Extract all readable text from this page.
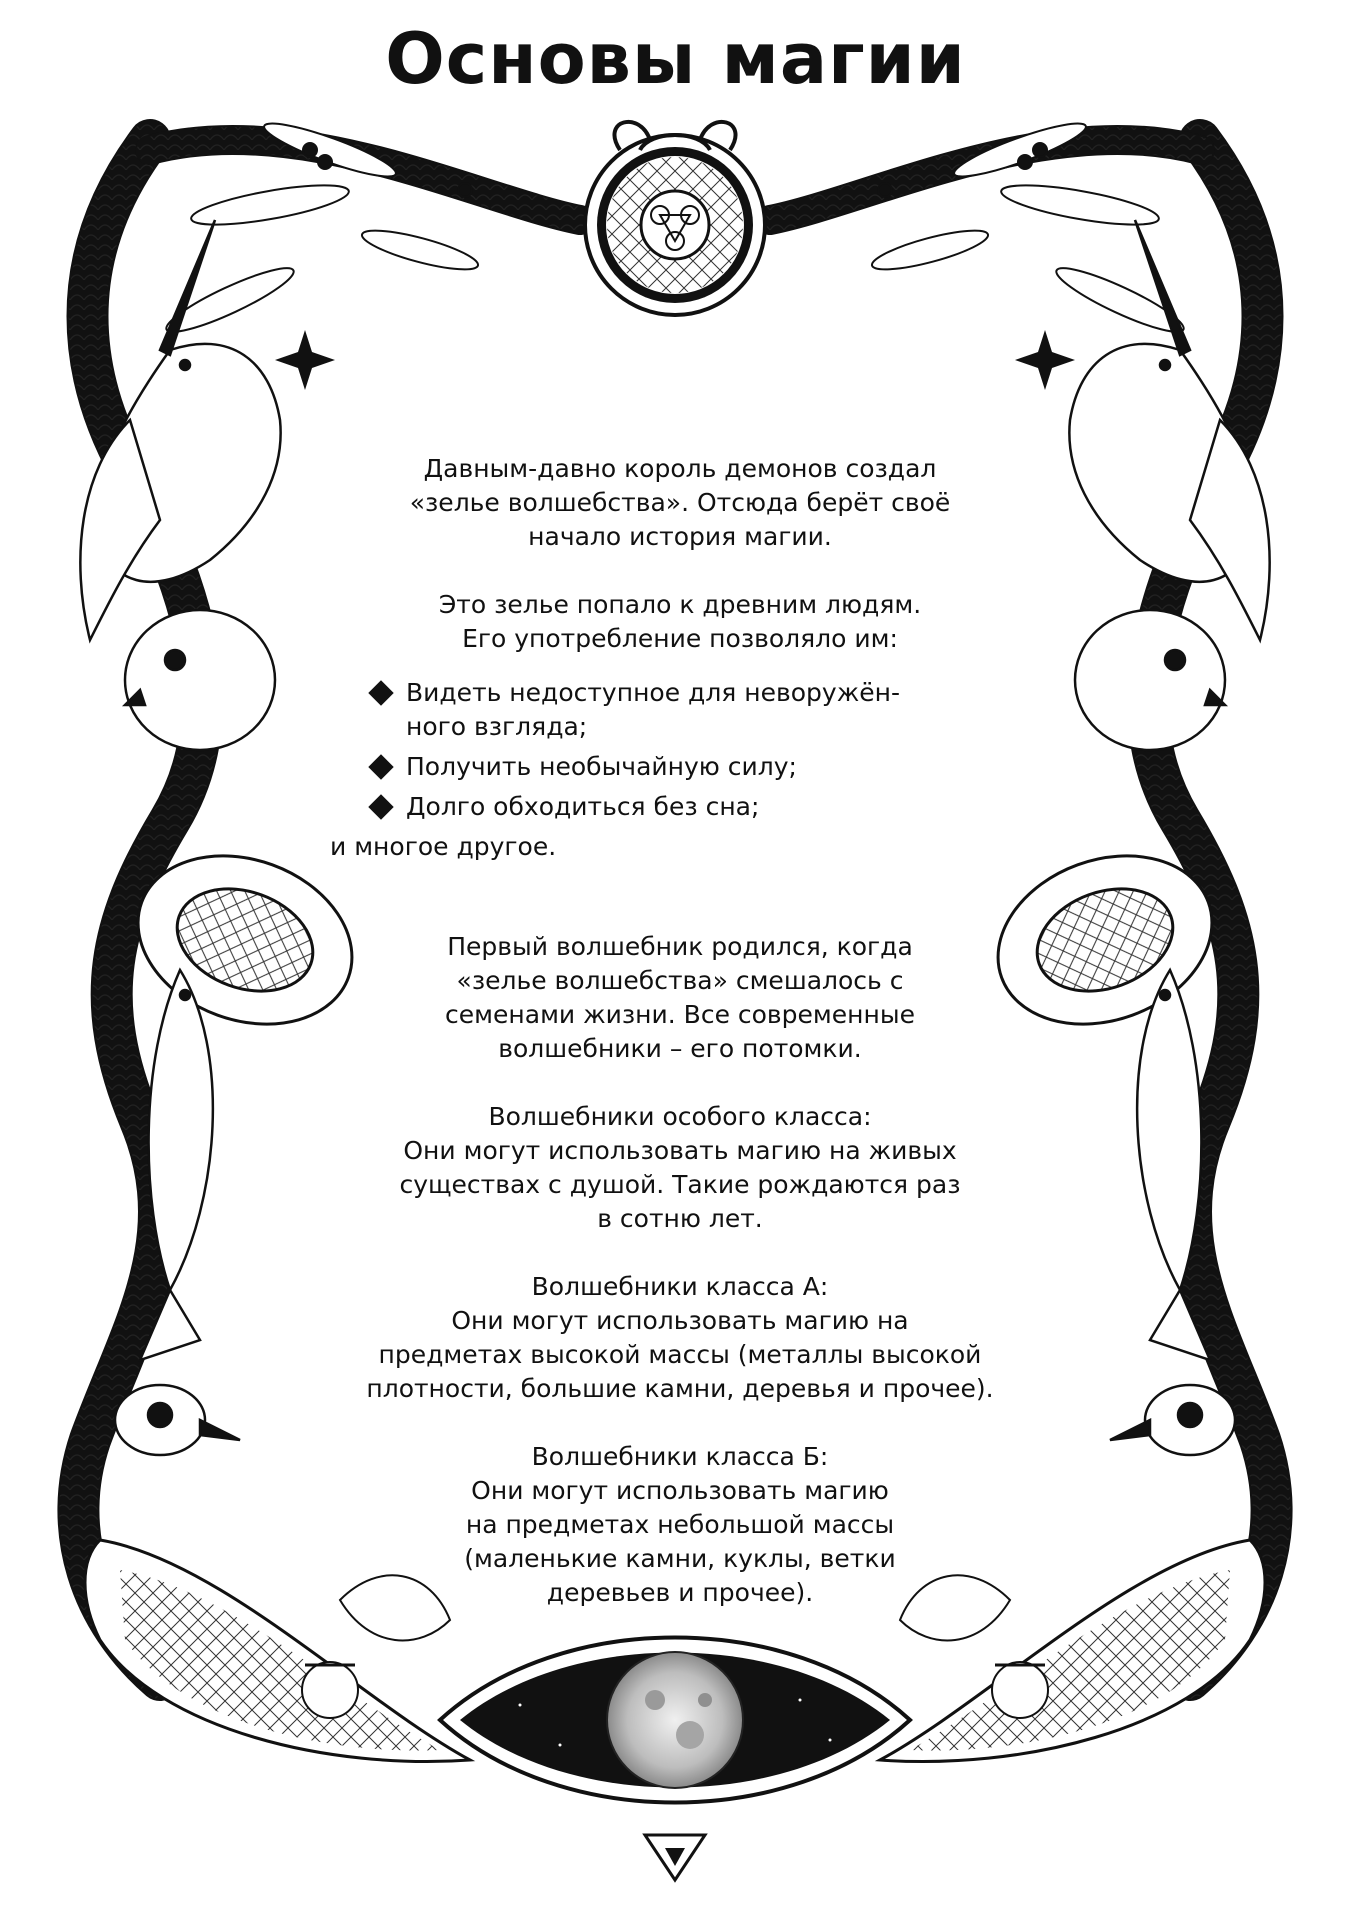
Основы магии

Давным-давно король демонов создал

«зелье волшебства». Отсюда берёт своё

начало история магии.

Это зелье попало к древним людям.

Его употребление позволяло им:

Видеть недоступное для неворужён-
ного взгляда;
Получить необычайную силу;
Долго обходиться без сна;

и многое другое.

Первый волшебник родился, когда

«зелье волшебства» смешалось с

семенами жизни. Все современные

волшебники – его потомки.

Волшебники особого класса:

Они могут использовать магию на живых

существах с душой. Такие рождаются раз

в сотню лет.

Волшебники класса А:

Они могут использовать магию на

предметах высокой массы (металлы высокой

плотности, большие камни, деревья и прочее).

Волшебники класса Б:

Они могут использовать магию

на предметах небольшой массы

(маленькие камни, куклы, ветки

деревьев и прочее).
